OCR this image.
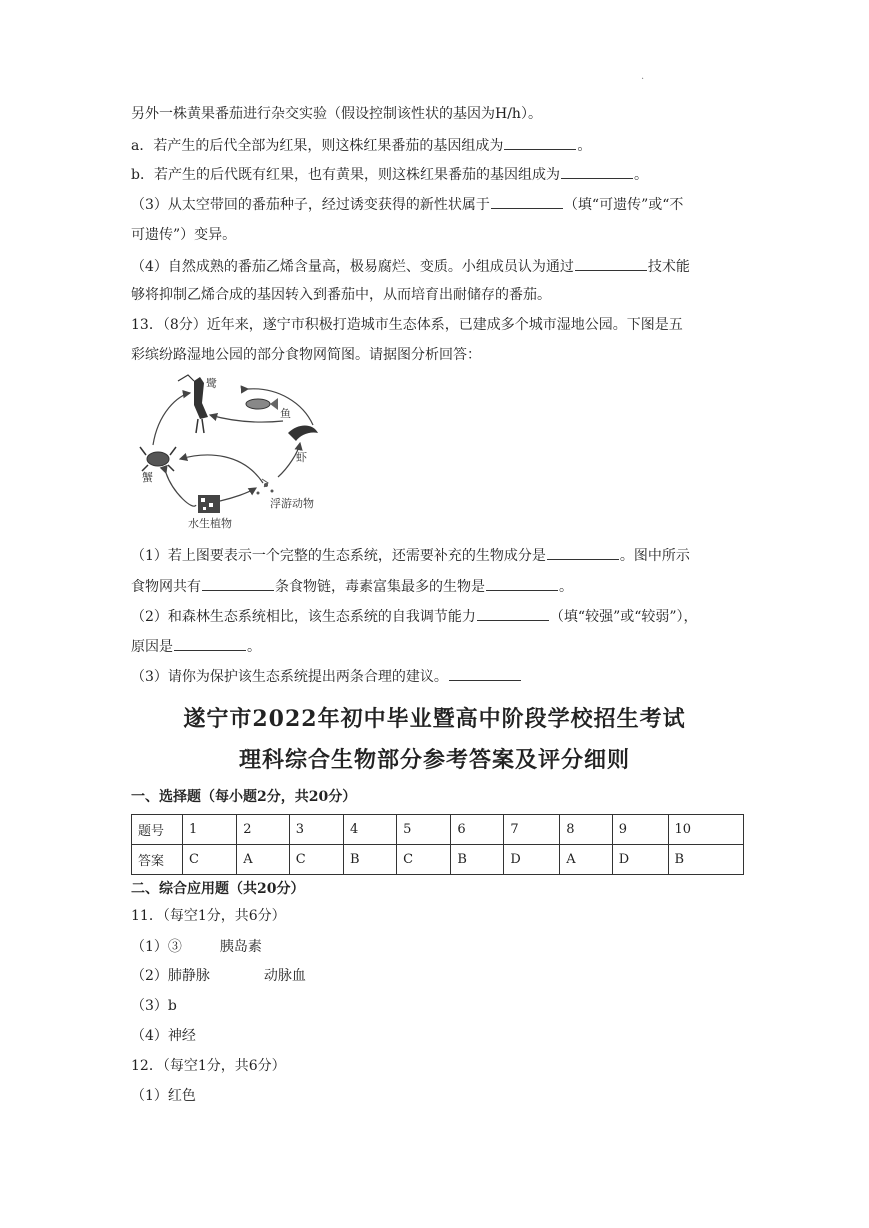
·
另外一株黄果番茄进行杂交实验（假设控制该性状的基因为H/h）。
a．若产生的后代全部为红果，则这株红果番茄的基因组成为	。
b．若产生的后代既有红果，也有黄果，则这株红果番茄的基因组成为	。
（3）从太空带回的番茄种子，经过诱变获得的新性状属于	（填“可遗传”或“不
可遗传”）变异。
（4）自然成熟的番茄乙烯含量高，极易腐烂、变质。小组成员认为通过	技术能
够将抑制乙烯合成的基因转入到番茄中，从而培育出耐储存的番茄。
13．（8分）近年来，遂宁市积极打造城市生态体系，已建成多个城市湿地公园。下图是五
彩缤纷路湿地公园的部分食物网简图。请据图分析回答：
鹭
鱼
虾
蟹
浮游动物
水生植物
（1）若上图要表示一个完整的生态系统，还需要补充的生物成分是	。图中所示
食物网共有	条食物链，毒素富集最多的生物是	。
（2）和森林生态系统相比，该生态系统的自我调节能力	（填“较强”或“较弱”），
原因是	。
（3）请你为保护该生态系统提出两条合理的建议。
遂宁市2022年初中毕业暨高中阶段学校招生考试
理科综合生物部分参考答案及评分细则
一、选择题（每小题2分，共20分）
题号	1	2	3	4	5	6	7	8	9	10
答案	C	A	C	B	C	B	D	A	D	B
二、综合应用题（共20分）
11．（每空1分，共6分）
（1）③	胰岛素
（2）肺静脉	动脉血
（3）b
（4）神经
12．（每空1分，共6分）
（1）红色
